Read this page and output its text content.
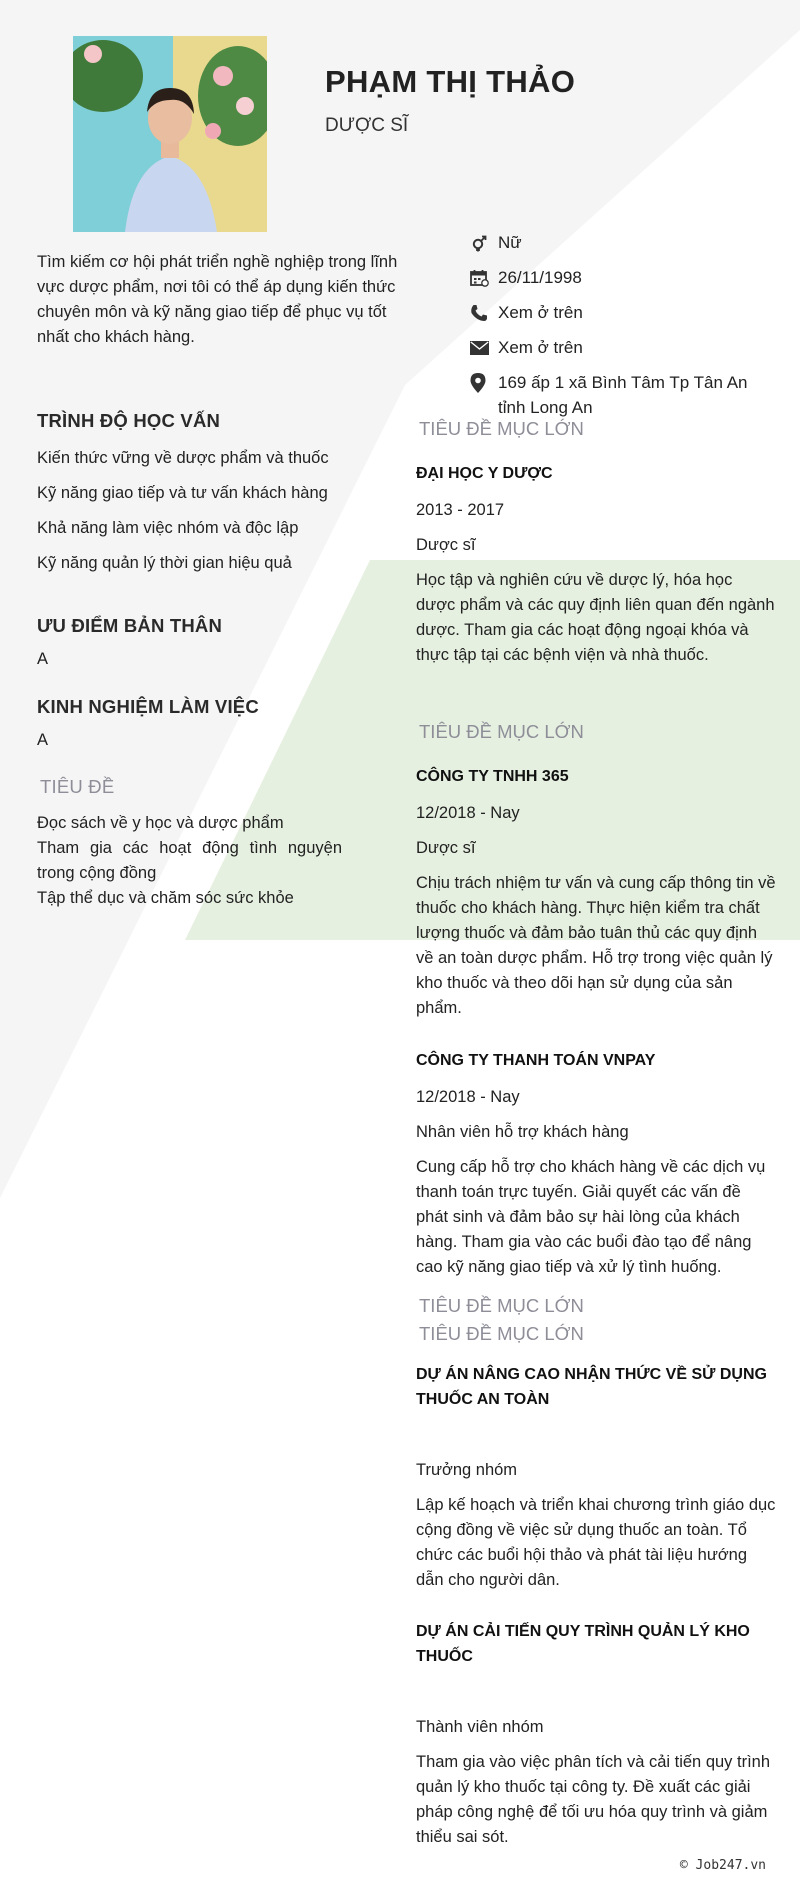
PHẠM THỊ THẢO
DƯỢC SĨ
Tìm kiếm cơ hội phát triển nghề nghiệp trong lĩnh vực dược phẩm, nơi tôi có thể áp dụng kiến thức chuyên môn và kỹ năng giao tiếp để phục vụ tốt nhất cho khách hàng.
Nữ
26/11/1998
Xem ở trên
Xem ở trên
169 ấp 1 xã Bình Tâm Tp Tân An tỉnh Long An
TRÌNH ĐỘ HỌC VẤN
Kiến thức vững về dược phẩm và thuốc
Kỹ năng giao tiếp và tư vấn khách hàng
Khả năng làm việc nhóm và độc lập
Kỹ năng quản lý thời gian hiệu quả
ƯU ĐIỂM BẢN THÂN
A
KINH NGHIỆM LÀM VIỆC
A
TIÊU ĐỀ
Đọc sách về y học và dược phẩm
Tham gia các hoạt động tình nguyện trong cộng đồng
Tập thể dục và chăm sóc sức khỏe
TIÊU ĐỀ MỤC LỚN
ĐẠI HỌC Y DƯỢC
2013 - 2017
Dược sĩ
Học tập và nghiên cứu về dược lý, hóa học dược phẩm và các quy định liên quan đến ngành dược. Tham gia các hoạt động ngoại khóa và thực tập tại các bệnh viện và nhà thuốc.
TIÊU ĐỀ MỤC LỚN
CÔNG TY TNHH 365
12/2018 - Nay
Dược sĩ
Chịu trách nhiệm tư vấn và cung cấp thông tin về thuốc cho khách hàng. Thực hiện kiểm tra chất lượng thuốc và đảm bảo tuân thủ các quy định về an toàn dược phẩm. Hỗ trợ trong việc quản lý kho thuốc và theo dõi hạn sử dụng của sản phẩm.
CÔNG TY THANH TOÁN VNPAY
12/2018 - Nay
Nhân viên hỗ trợ khách hàng
Cung cấp hỗ trợ cho khách hàng về các dịch vụ thanh toán trực tuyến. Giải quyết các vấn đề phát sinh và đảm bảo sự hài lòng của khách hàng. Tham gia vào các buổi đào tạo để nâng cao kỹ năng giao tiếp và xử lý tình huống.
TIÊU ĐỀ MỤC LỚN
TIÊU ĐỀ MỤC LỚN
DỰ ÁN NÂNG CAO NHẬN THỨC VỀ SỬ DỤNG THUỐC AN TOÀN
Trưởng nhóm
Lập kế hoạch và triển khai chương trình giáo dục cộng đồng về việc sử dụng thuốc an toàn. Tổ chức các buổi hội thảo và phát tài liệu hướng dẫn cho người dân.
DỰ ÁN CẢI TIẾN QUY TRÌNH QUẢN LÝ KHO THUỐC
Thành viên nhóm
Tham gia vào việc phân tích và cải tiến quy trình quản lý kho thuốc tại công ty. Đề xuất các giải pháp công nghệ để tối ưu hóa quy trình và giảm thiểu sai sót.
© Job247.vn
